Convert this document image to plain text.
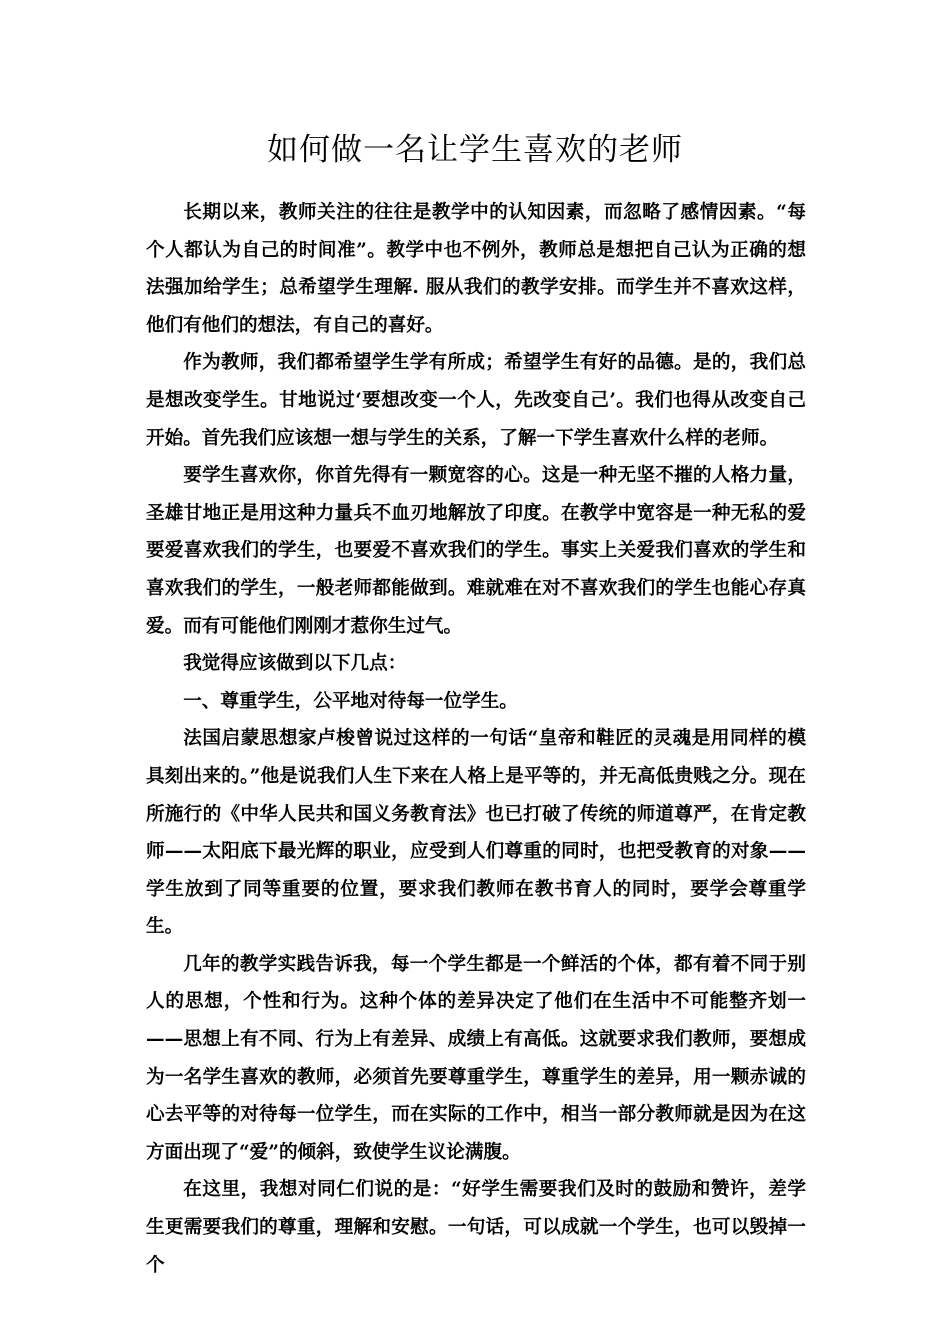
如何做一名让学生喜欢的老师

长期以来，教师关注的往往是教学中的认知因素，而忽略了感情因素。“每个人都认为自己的时间准”。教学中也不例外，教师总是想把自己认为正确的想法强加给学生；总希望学生理解. 服从我们的教学安排。而学生并不喜欢这样，他们有他们的想法，有自己的喜好。

作为教师，我们都希望学生学有所成；希望学生有好的品德。是的，我们总是想改变学生。甘地说过‘要想改变一个人，先改变自己’。我们也得从改变自己开始。首先我们应该想一想与学生的关系，了解一下学生喜欢什么样的老师。

要学生喜欢你，你首先得有一颗宽容的心。这是一种无坚不摧的人格力量，圣雄甘地正是用这种力量兵不血刃地解放了印度。在教学中宽容是一种无私的爱要爱喜欢我们的学生，也要爱不喜欢我们的学生。事实上关爱我们喜欢的学生和喜欢我们的学生，一般老师都能做到。难就难在对不喜欢我们的学生也能心存真爱。而有可能他们刚刚才惹你生过气。

我觉得应该做到以下几点：

一、尊重学生，公平地对待每一位学生。

法国启蒙思想家卢梭曾说过这样的一句话“皇帝和鞋匠的灵魂是用同样的模具刻出来的。”他是说我们人生下来在人格上是平等的，并无高低贵贱之分。现在所施行的《中华人民共和国义务教育法》也已打破了传统的师道尊严，在肯定教师——太阳底下最光辉的职业，应受到人们尊重的同时，也把受教育的对象——学生放到了同等重要的位置，要求我们教师在教书育人的同时，要学会尊重学生。

几年的教学实践告诉我，每一个学生都是一个鲜活的个体，都有着不同于别人的思想，个性和行为。这种个体的差异决定了他们在生活中不可能整齐划一——思想上有不同、行为上有差异、成绩上有高低。这就要求我们教师，要想成为一名学生喜欢的教师，必须首先要尊重学生，尊重学生的差异，用一颗赤诚的心去平等的对待每一位学生，而在实际的工作中，相当一部分教师就是因为在这方面出现了“爱”的倾斜，致使学生议论满腹。

在这里，我想对同仁们说的是：“好学生需要我们及时的鼓励和赞许，差学生更需要我们的尊重，理解和安慰。一句话，可以成就一个学生，也可以毁掉一个
